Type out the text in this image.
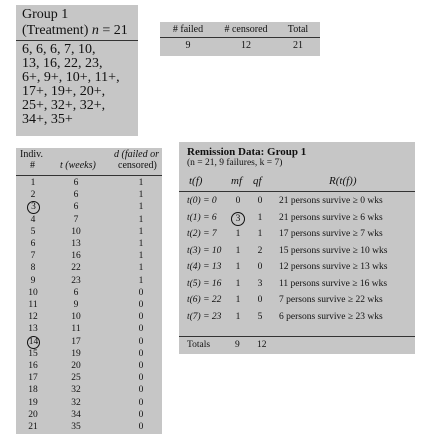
Group 1
(Treatment) n = 21
6, 6, 6, 7, 10,
13, 16, 22, 23,
6+, 9+, 10+, 11+,
17+, 19+, 20+,
25+, 32+, 32+,
34+, 35+
# failed	# censored	Total
9	12	21
Indiv.
#	t (weeks)
d (failed or
censored)
1	6	1
2	6	1
3	6	1
4	7	1
5	10	1
6	13	1
7	16	1
8	22	1
9	23	1
10	6	0
11	9	0
12	10	0
13	11	0
14	17	0
15	19	0
16	20	0
17	25	0
18	32	0
19	32	0
20	34	0
21	35	0
Remission Data: Group 1
(n = 21, 9 failures, k = 7)
t(f)	mf qf	R(t(f))
t(0) = 0	0	0	21 persons survive ≥ 0 wks
t(1) = 6	3	1	21 persons survive ≥ 6 wks
t(2) = 7	1	1	17 persons survive ≥ 7 wks
t(3) = 10	1	2	15 persons survive ≥ 10 wks
t(4) = 13	1	0	12 persons survive ≥ 13 wks
t(5) = 16	1	3	11 persons survive ≥ 16 wks
t(6) = 22	1	0	7 persons survive ≥ 22 wks
t(7) = 23	1	5	6 persons survive ≥ 23 wks
Totals	9 12
